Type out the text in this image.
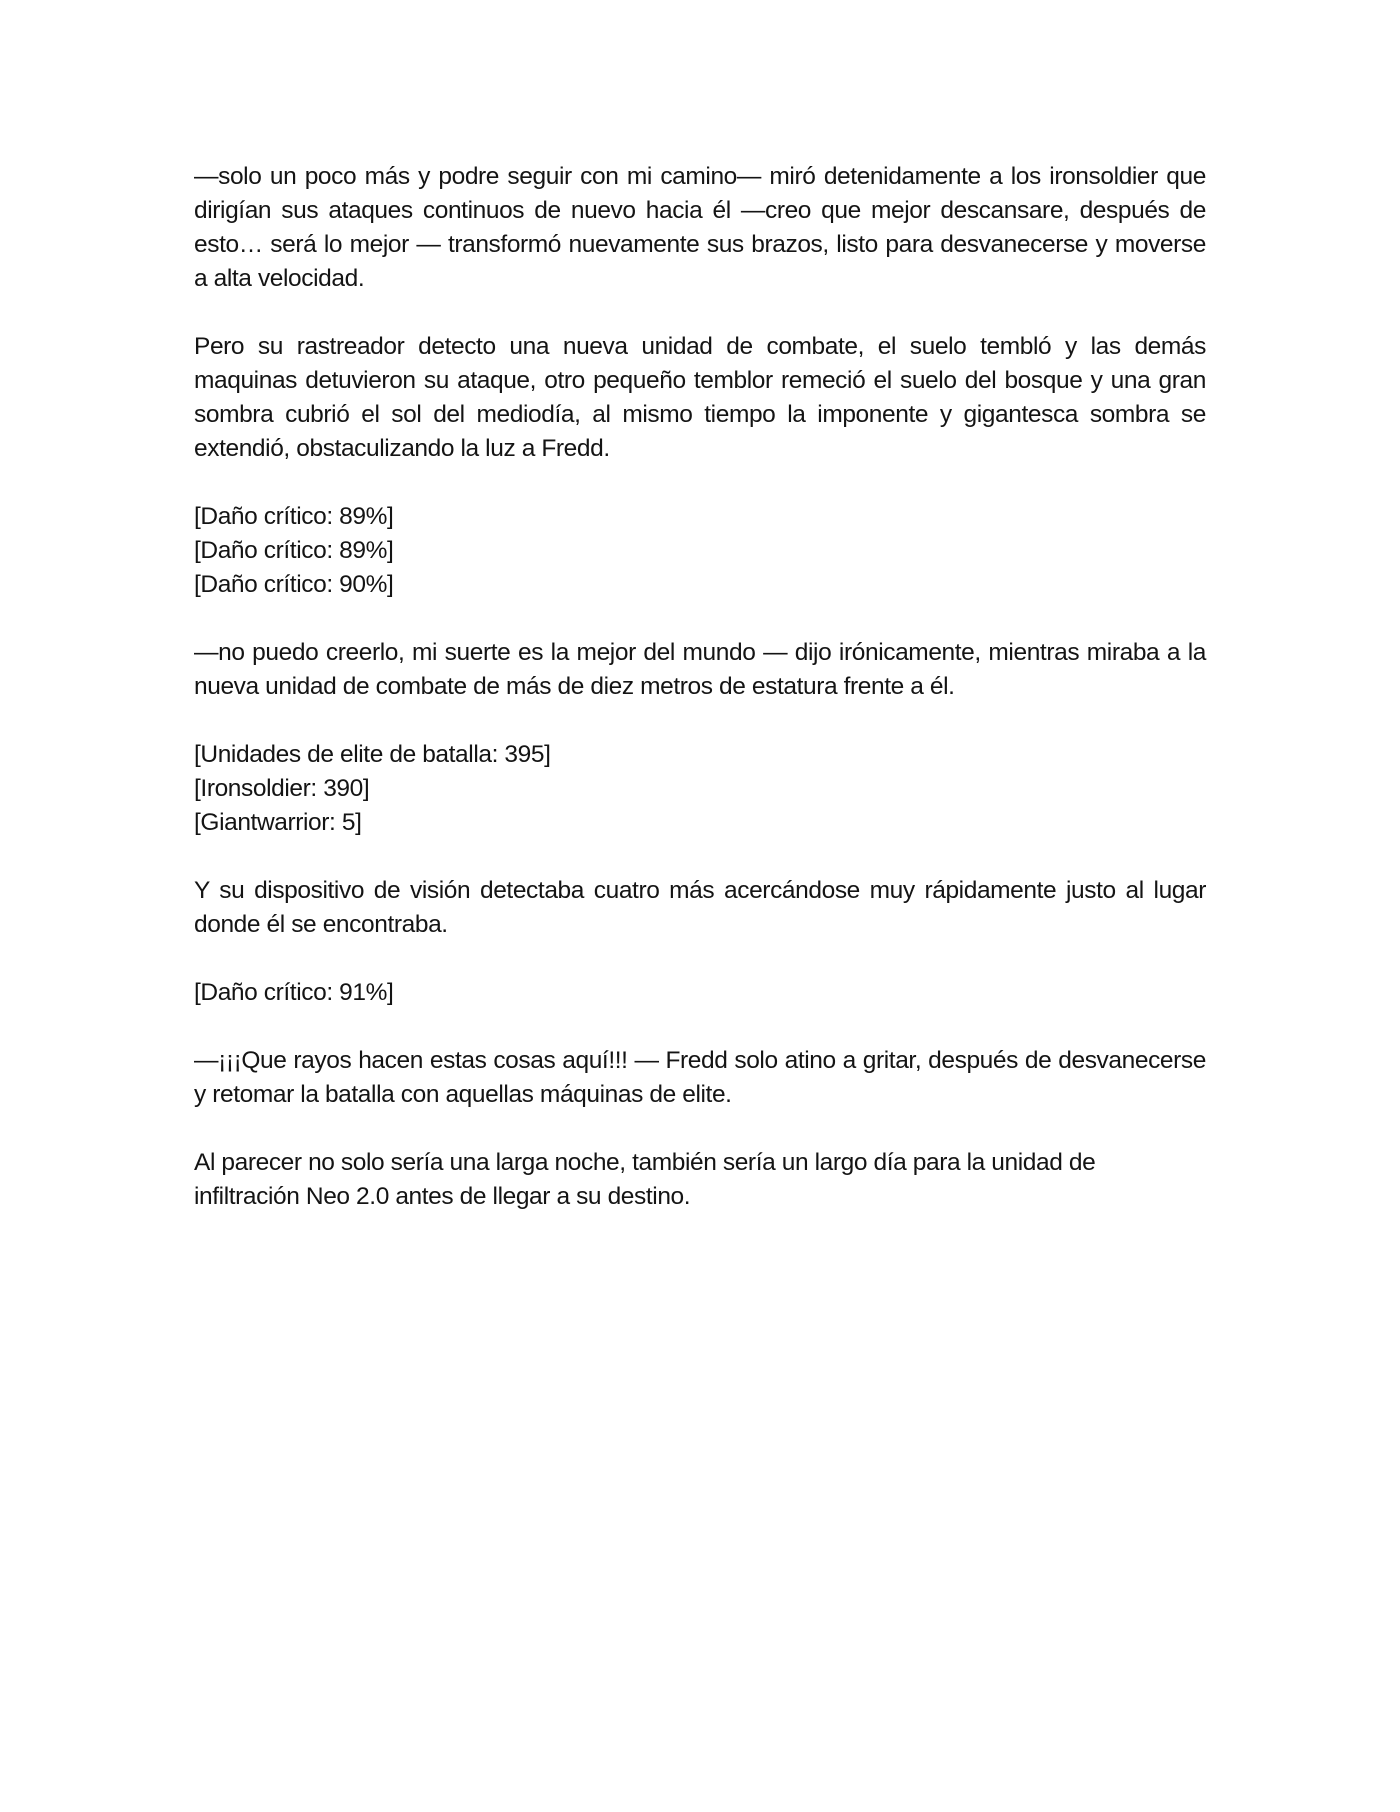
—solo un poco más y podre seguir con mi camino— miró detenidamente a los ironsoldier que dirigían sus ataques continuos de nuevo hacia él —creo que mejor descansare, después de esto… será lo mejor — transformó nuevamente sus brazos, listo para desvanecerse y moverse a alta velocidad.

Pero su rastreador detecto una nueva unidad de combate, el suelo tembló y las demás maquinas detuvieron su ataque, otro pequeño temblor remeció el suelo del bosque y una gran sombra cubrió el sol del mediodía, al mismo tiempo la imponente y gigantesca sombra se extendió, obstaculizando la luz a Fredd.

[Daño crítico: 89%]
[Daño crítico: 89%]
[Daño crítico: 90%]

—no puedo creerlo, mi suerte es la mejor del mundo — dijo irónicamente, mientras miraba a la nueva unidad de combate de más de diez metros de estatura frente a él.

[Unidades de elite de batalla: 395]
[Ironsoldier: 390]
[Giantwarrior: 5]

Y su dispositivo de visión detectaba cuatro más acercándose muy rápidamente justo al lugar donde él se encontraba.

[Daño crítico: 91%]

—¡¡¡Que rayos hacen estas cosas aquí!!! — Fredd solo atino a gritar, después de desvanecerse y retomar la batalla con aquellas máquinas de elite.

Al parecer no solo sería una larga noche, también sería un largo día para la unidad de infiltración Neo 2.0 antes de llegar a su destino.
